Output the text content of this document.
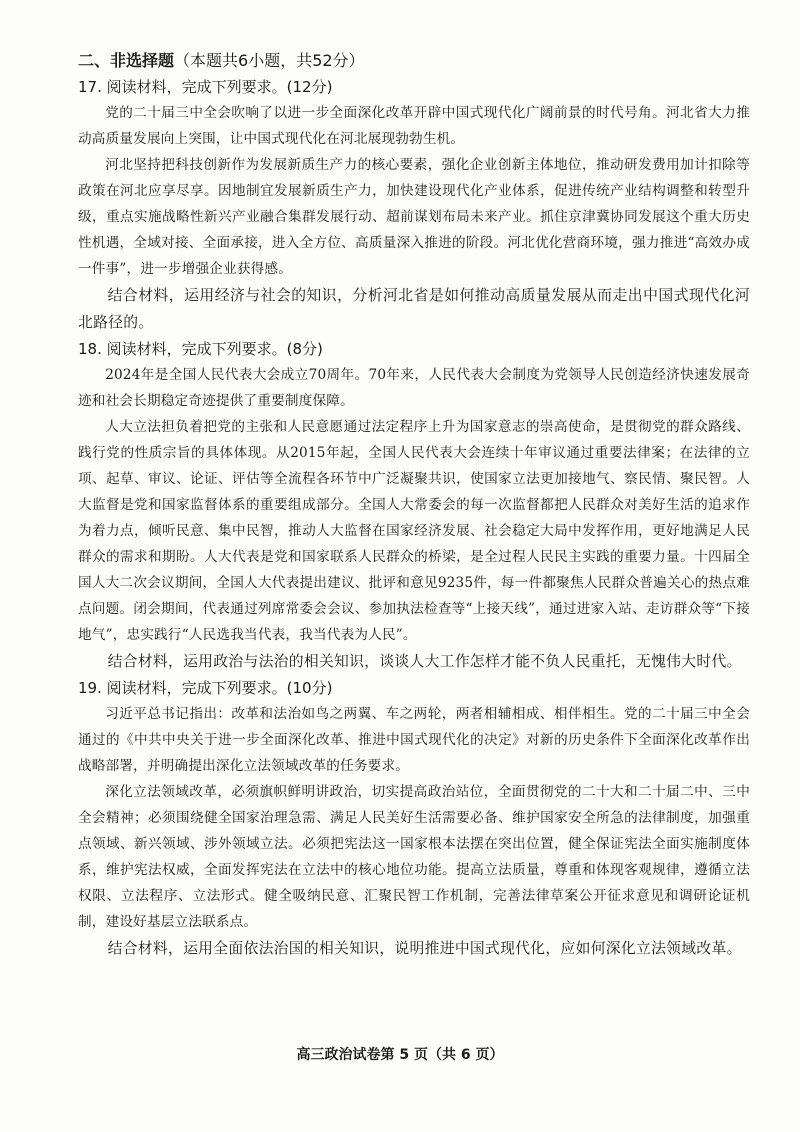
二、非选择题（本题共6小题，共52分）

17. 阅读材料，完成下列要求。(12分)

党的二十届三中全会吹响了以进一步全面深化改革开辟中国式现代化广阔前景的时代号角。河北省大力推动高质量发展向上突围，让中国式现代化在河北展现勃勃生机。

河北坚持把科技创新作为发展新质生产力的核心要素，强化企业创新主体地位，推动研发费用加计扣除等政策在河北应享尽享。因地制宜发展新质生产力，加快建设现代化产业体系，促进传统产业结构调整和转型升级，重点实施战略性新兴产业融合集群发展行动、超前谋划布局未来产业。抓住京津冀协同发展这个重大历史性机遇，全域对接、全面承接，进入全方位、高质量深入推进的阶段。河北优化营商环境，强力推进“高效办成一件事”，进一步增强企业获得感。

结合材料，运用经济与社会的知识，分析河北省是如何推动高质量发展从而走出中国式现代化河北路径的。

18. 阅读材料，完成下列要求。(8分)

2024年是全国人民代表大会成立70周年。70年来，人民代表大会制度为党领导人民创造经济快速发展奇迹和社会长期稳定奇迹提供了重要制度保障。

人大立法担负着把党的主张和人民意愿通过法定程序上升为国家意志的崇高使命，是贯彻党的群众路线、践行党的性质宗旨的具体体现。从2015年起，全国人民代表大会连续十年审议通过重要法律案；在法律的立项、起草、审议、论证、评估等全流程各环节中广泛凝聚共识，使国家立法更加接地气、察民情、聚民智。人大监督是党和国家监督体系的重要组成部分。全国人大常委会的每一次监督都把人民群众对美好生活的追求作为着力点，倾听民意、集中民智，推动人大监督在国家经济发展、社会稳定大局中发挥作用，更好地满足人民群众的需求和期盼。人大代表是党和国家联系人民群众的桥梁，是全过程人民民主实践的重要力量。十四届全国人大二次会议期间，全国人大代表提出建议、批评和意见9235件，每一件都聚焦人民群众普遍关心的热点难点问题。闭会期间，代表通过列席常委会会议、参加执法检查等“上接天线”，通过进家入站、走访群众等“下接地气”，忠实践行“人民选我当代表，我当代表为人民”。

结合材料，运用政治与法治的相关知识，谈谈人大工作怎样才能不负人民重托，无愧伟大时代。

19. 阅读材料，完成下列要求。(10分)

习近平总书记指出：改革和法治如鸟之两翼、车之两轮，两者相辅相成、相伴相生。党的二十届三中全会通过的《中共中央关于进一步全面深化改革、推进中国式现代化的决定》对新的历史条件下全面深化改革作出战略部署，并明确提出深化立法领域改革的任务要求。

深化立法领域改革，必须旗帜鲜明讲政治，切实提高政治站位，全面贯彻党的二十大和二十届二中、三中全会精神；必须围绕健全国家治理急需、满足人民美好生活需要必备、维护国家安全所急的法律制度，加强重点领域、新兴领域、涉外领域立法。必须把宪法这一国家根本法摆在突出位置，健全保证宪法全面实施制度体系，维护宪法权威，全面发挥宪法在立法中的核心地位功能。提高立法质量，尊重和体现客观规律，遵循立法权限、立法程序、立法形式。健全吸纳民意、汇聚民智工作机制，完善法律草案公开征求意见和调研论证机制，建设好基层立法联系点。

结合材料，运用全面依法治国的相关知识，说明推进中国式现代化，应如何深化立法领域改革。

高三政治试卷第 5 页（共 6 页）
